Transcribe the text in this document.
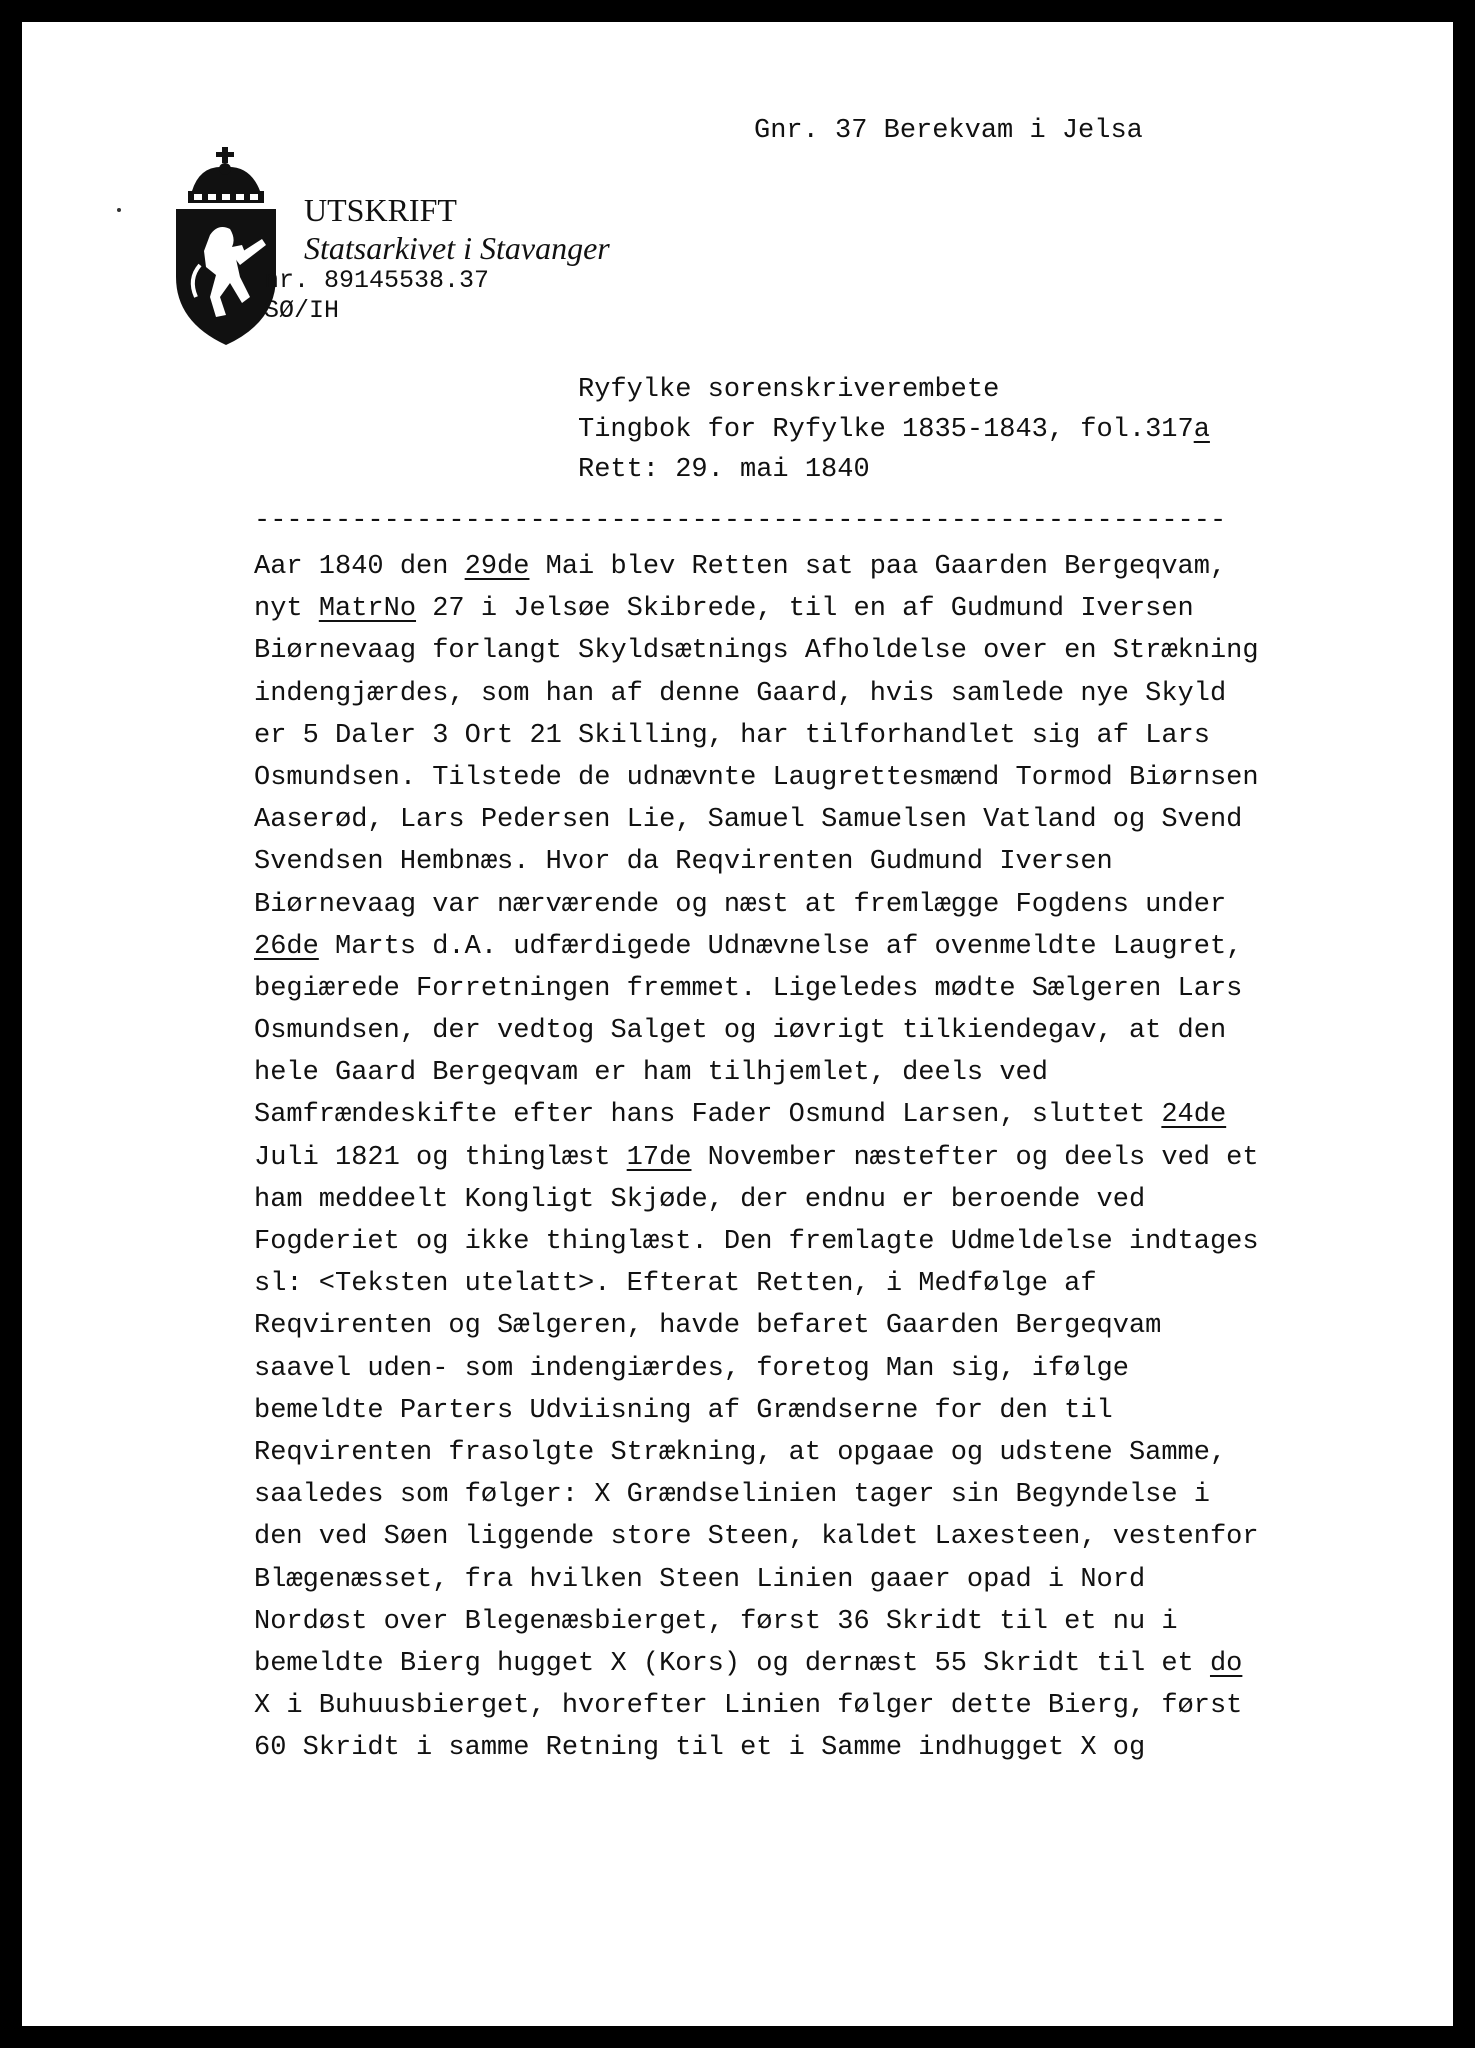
Gnr. 37 Berekvam i Jelsa
UTSKRIFT
Statsarkivet i Stavanger
nr. 89145538.37
SØ/IH
Ryfylke sorenskriverembete
Tingbok for Ryfylke 1835-1843, fol.317a
Rett: 29. mai 1840
------------------------------------------------------------
Aar 1840 den 29de Mai blev Retten sat paa Gaarden Bergeqvam,
nyt MatrNo 27 i Jelsøe Skibrede, til en af Gudmund Iversen
Biørnevaag forlangt Skyldsætnings Afholdelse over en Strækning
indengjærdes, som han af denne Gaard, hvis samlede nye Skyld
er 5 Daler 3 Ort 21 Skilling, har tilforhandlet sig af Lars
Osmundsen. Tilstede de udnævnte Laugrettesmænd Tormod Biørnsen
Aaserød, Lars Pedersen Lie, Samuel Samuelsen Vatland og Svend
Svendsen Hembnæs. Hvor da Reqvirenten Gudmund Iversen
Biørnevaag var nærværende og næst at fremlægge Fogdens under
26de Marts d.A. udfærdigede Udnævnelse af ovenmeldte Laugret,
begiærede Forretningen fremmet. Ligeledes mødte Sælgeren Lars
Osmundsen, der vedtog Salget og iøvrigt tilkiendegav, at den
hele Gaard Bergeqvam er ham tilhjemlet, deels ved
Samfrændeskifte efter hans Fader Osmund Larsen, sluttet 24de
Juli 1821 og thinglæst 17de November næstefter og deels ved et
ham meddeelt Kongligt Skjøde, der endnu er beroende ved
Fogderiet og ikke thinglæst. Den fremlagte Udmeldelse indtages
sl: <Teksten utelatt>. Efterat Retten, i Medfølge af
Reqvirenten og Sælgeren, havde befaret Gaarden Bergeqvam
saavel uden- som indengiærdes, foretog Man sig, ifølge
bemeldte Parters Udviisning af Grændserne for den til
Reqvirenten frasolgte Strækning, at opgaae og udstene Samme,
saaledes som følger: X Grændselinien tager sin Begyndelse i
den ved Søen liggende store Steen, kaldet Laxesteen, vestenfor
Blægenæsset, fra hvilken Steen Linien gaaer opad i Nord
Nordøst over Blegenæsbierget, først 36 Skridt til et nu i
bemeldte Bierg hugget X (Kors) og dernæst 55 Skridt til et do
X i Buhuusbierget, hvorefter Linien følger dette Bierg, først
60 Skridt i samme Retning til et i Samme indhugget X og
